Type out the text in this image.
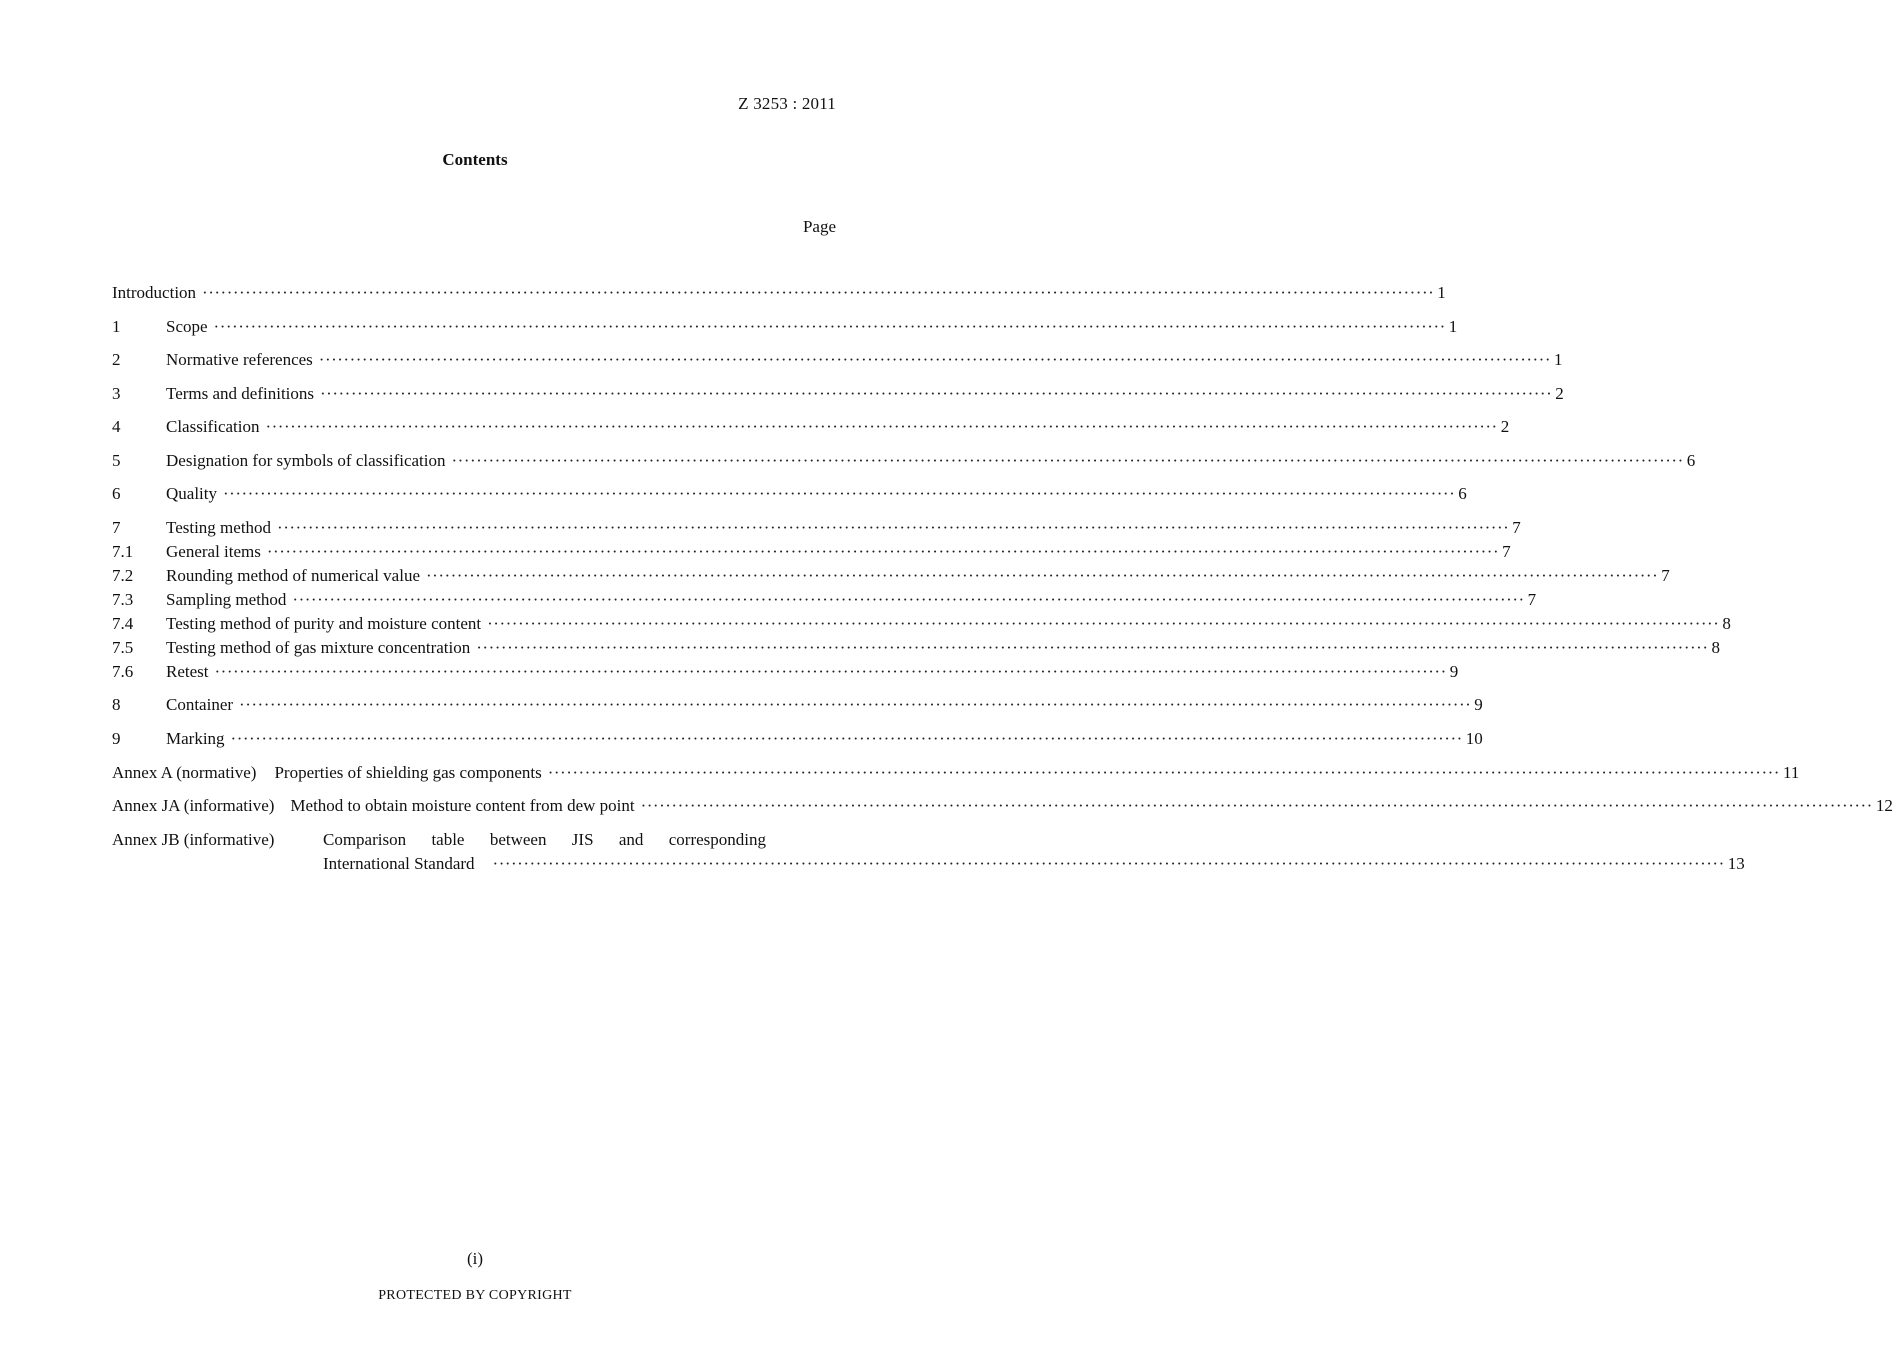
Z 3253 : 2011
Contents
Page
Introduction ········································································································································································································ 1
1	Scope ········································································································································································································ 1
2	Normative references ········································································································································································································ 1
3	Terms and definitions ········································································································································································································ 2
4	Classification ········································································································································································································ 2
5	Designation for symbols of classification ········································································································································································································ 6
6	Quality ········································································································································································································ 6
7	Testing method ········································································································································································································ 7
7.1	General items ········································································································································································································ 7
7.2	Rounding method of numerical value ········································································································································································································ 7
7.3	Sampling method ········································································································································································································ 7
7.4	Testing method of purity and moisture content ········································································································································································································ 8
7.5	Testing method of gas mixture concentration ········································································································································································································ 8
7.6	Retest ········································································································································································································ 9
8	Container ········································································································································································································ 9
9	Marking ········································································································································································································ 10
Annex A (normative) Properties of shielding gas components ········································································································································································································ 11
Annex JA (informative) Method to obtain moisture content from dew point ········································································································································································································ 12
Annex JB (informative)	Comparison table between JIS and corresponding
International Standard ········································································································································································································ 13
(i)
PROTECTED BY COPYRIGHT
